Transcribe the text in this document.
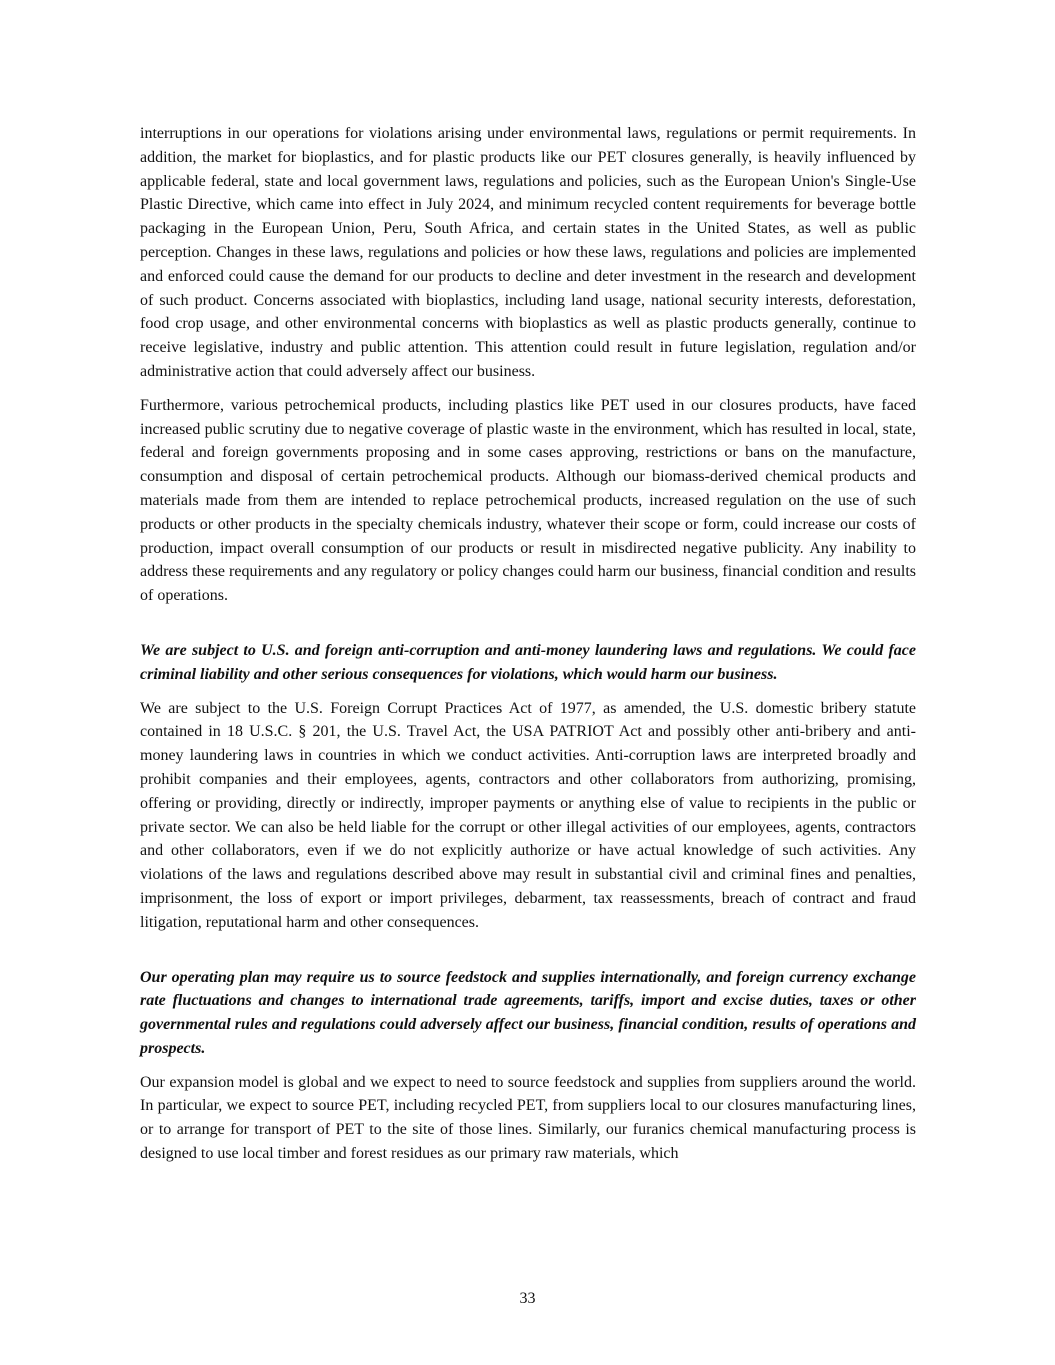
interruptions in our operations for violations arising under environmental laws, regulations or permit requirements. In addition, the market for bioplastics, and for plastic products like our PET closures generally, is heavily influenced by applicable federal, state and local government laws, regulations and policies, such as the European Union's Single-Use Plastic Directive, which came into effect in July 2024, and minimum recycled content requirements for beverage bottle packaging in the European Union, Peru, South Africa, and certain states in the United States, as well as public perception. Changes in these laws, regulations and policies or how these laws, regulations and policies are implemented and enforced could cause the demand for our products to decline and deter investment in the research and development of such product. Concerns associated with bioplastics, including land usage, national security interests, deforestation, food crop usage, and other environmental concerns with bioplastics as well as plastic products generally, continue to receive legislative, industry and public attention. This attention could result in future legislation, regulation and/or administrative action that could adversely affect our business.

Furthermore, various petrochemical products, including plastics like PET used in our closures products, have faced increased public scrutiny due to negative coverage of plastic waste in the environment, which has resulted in local, state, federal and foreign governments proposing and in some cases approving, restrictions or bans on the manufacture, consumption and disposal of certain petrochemical products. Although our biomass-derived chemical products and materials made from them are intended to replace petrochemical products, increased regulation on the use of such products or other products in the specialty chemicals industry, whatever their scope or form, could increase our costs of production, impact overall consumption of our products or result in misdirected negative publicity. Any inability to address these requirements and any regulatory or policy changes could harm our business, financial condition and results of operations.

We are subject to U.S. and foreign anti-corruption and anti-money laundering laws and regulations. We could face criminal liability and other serious consequences for violations, which would harm our business.

We are subject to the U.S. Foreign Corrupt Practices Act of 1977, as amended, the U.S. domestic bribery statute contained in 18 U.S.C. § 201, the U.S. Travel Act, the USA PATRIOT Act and possibly other anti-bribery and anti-money laundering laws in countries in which we conduct activities. Anti-corruption laws are interpreted broadly and prohibit companies and their employees, agents, contractors and other collaborators from authorizing, promising, offering or providing, directly or indirectly, improper payments or anything else of value to recipients in the public or private sector. We can also be held liable for the corrupt or other illegal activities of our employees, agents, contractors and other collaborators, even if we do not explicitly authorize or have actual knowledge of such activities. Any violations of the laws and regulations described above may result in substantial civil and criminal fines and penalties, imprisonment, the loss of export or import privileges, debarment, tax reassessments, breach of contract and fraud litigation, reputational harm and other consequences.

Our operating plan may require us to source feedstock and supplies internationally, and foreign currency exchange rate fluctuations and changes to international trade agreements, tariffs, import and excise duties, taxes or other governmental rules and regulations could adversely affect our business, financial condition, results of operations and prospects.

Our expansion model is global and we expect to need to source feedstock and supplies from suppliers around the world. In particular, we expect to source PET, including recycled PET, from suppliers local to our closures manufacturing lines, or to arrange for transport of PET to the site of those lines. Similarly, our furanics chemical manufacturing process is designed to use local timber and forest residues as our primary raw materials, which

33
